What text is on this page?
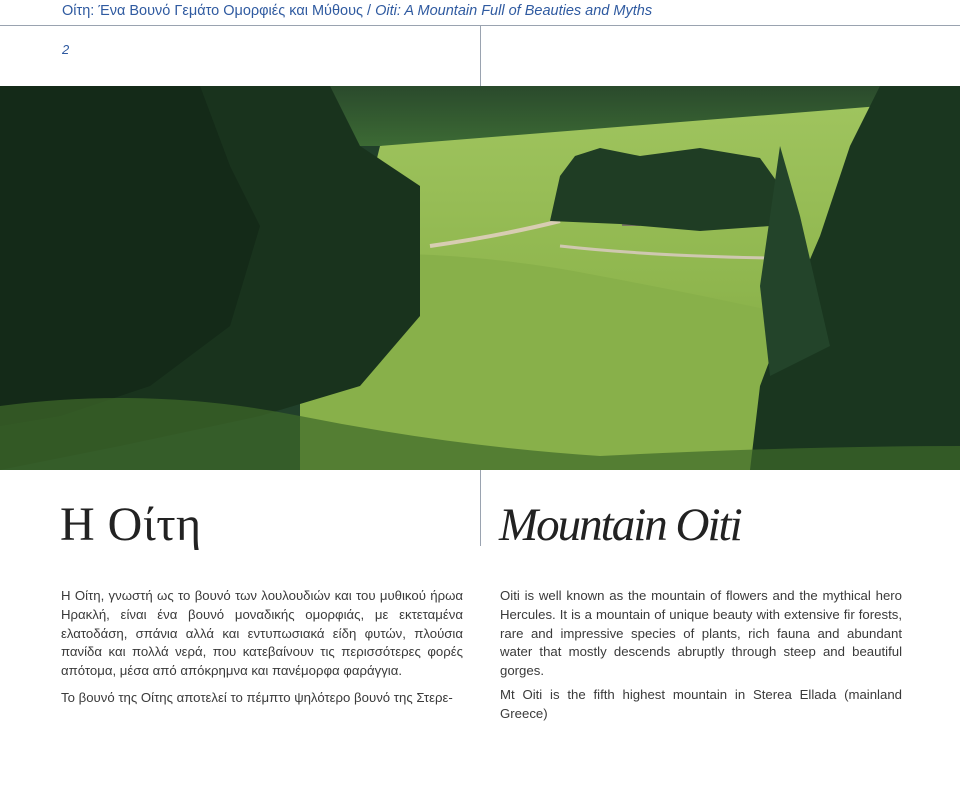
Οίτη: Ένα Βουνό Γεμάτο Ομορφιές και Μύθους / Oiti: A Mountain Full of Beauties and Myths
2
Η Οίτη	Mountain Oiti

Η Οίτη, γνωστή ως το βουνό των λουλουδιών και του μυθικού ήρωα Ηρακλή, είναι ένα βουνό μοναδικής ομορφιάς, με εκτεταμένα ελατοδάση, σπάνια αλλά και εντυπωσιακά είδη φυτών, πλούσια πανίδα και πολλά νερά, που κατεβαίνουν τις περισσότερες φορές απότομα, μέσα από απόκρημνα και πανέμορφα φαράγγια.

Το βουνό της Οίτης αποτελεί το πέμπτο ψηλότερο βουνό της Στερε-

Oiti is well known as the mountain of flowers and the mythical hero Hercules. It is a mountain of unique beauty with extensive fir forests, rare and impressive species of plants, rich fauna and abundant water that mostly descends abruptly through steep and beautiful gorges.

Mt Oiti is the fifth highest mountain in Sterea Ellada (mainland Greece)
